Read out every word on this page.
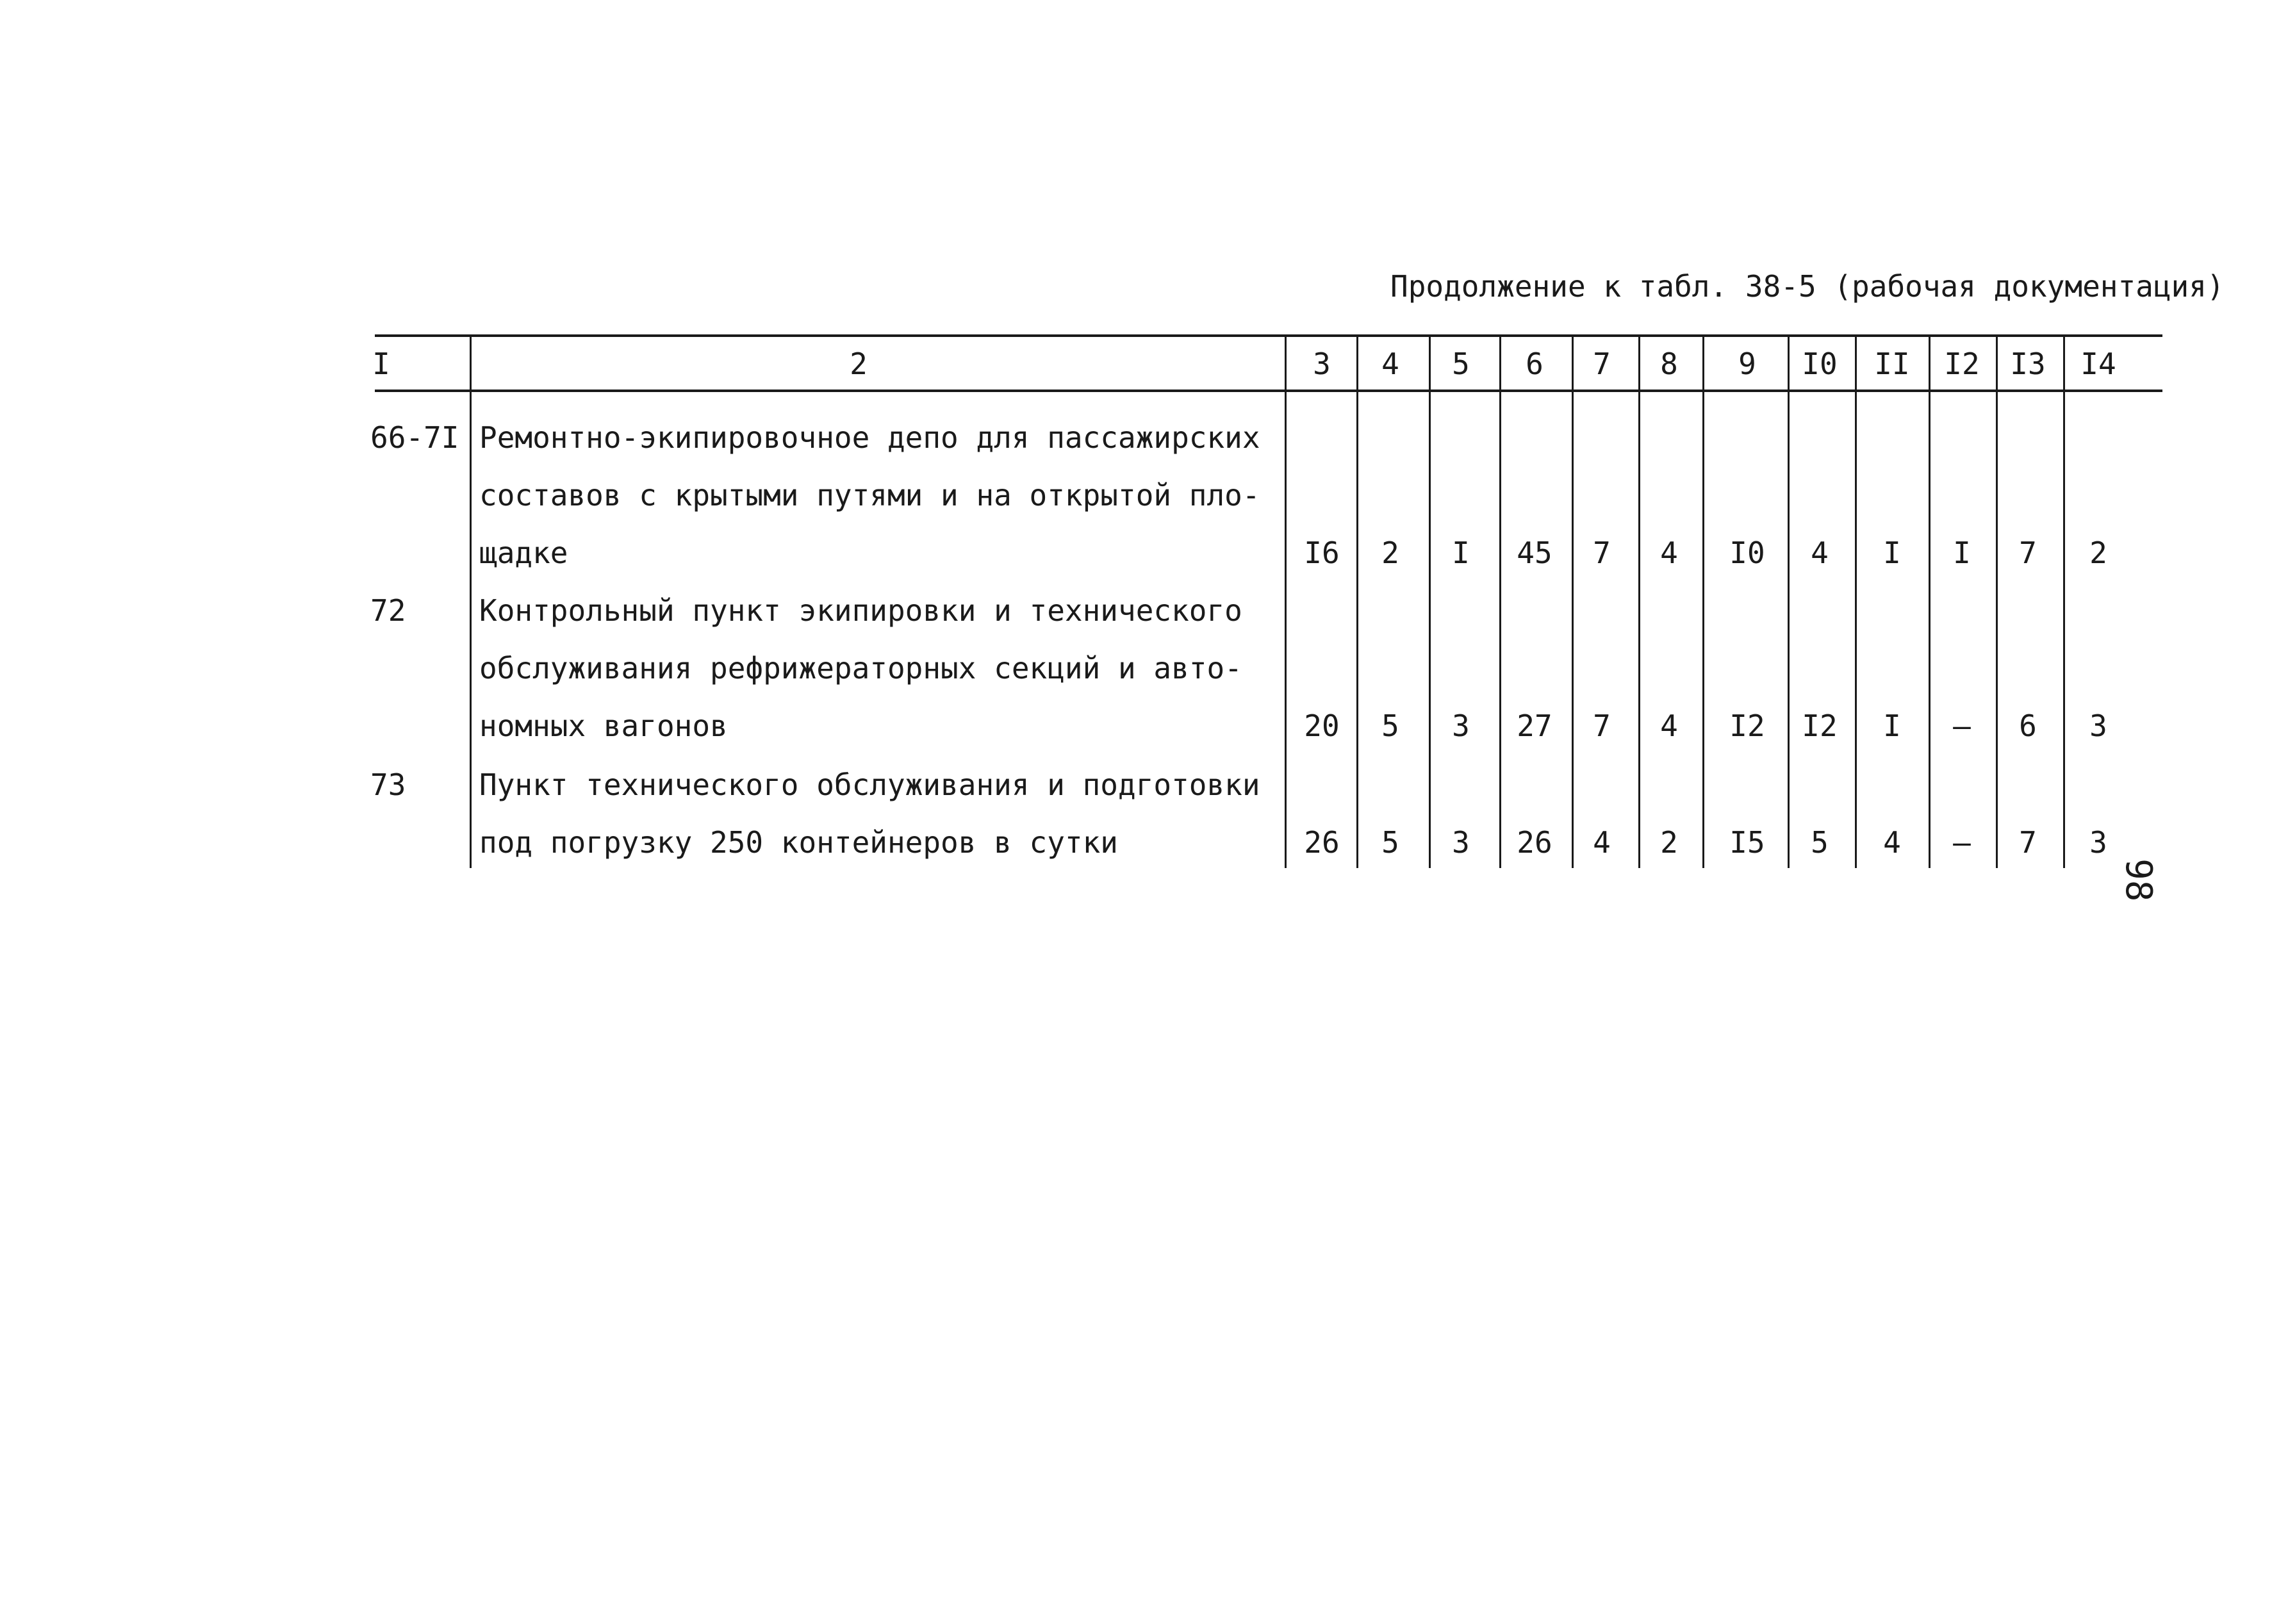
Продолжение к табл. 38-5 (рабочая документация)
I	2	3	4	5	6	7	8	9	I0	II	I2	I3	I4
66-7I Ремонтно-экипировочное депо для пассажирских
составов с крытыми путями и на открытой пло-
щадке	I6	2	I	45	7	4	I0	4	I	I	7	2
72 Контрольный пункт экипировки и технического
обслуживания рефрижераторных секций и авто-
номных вагонов	20	5	3	27	7	4	I2	I2	I	–	6	3
73 Пункт технического обслуживания и подготовки
под погрузку 250 контейнеров в сутки	26	5	3	26	4	2	I5	5	4	–	7	3
98
